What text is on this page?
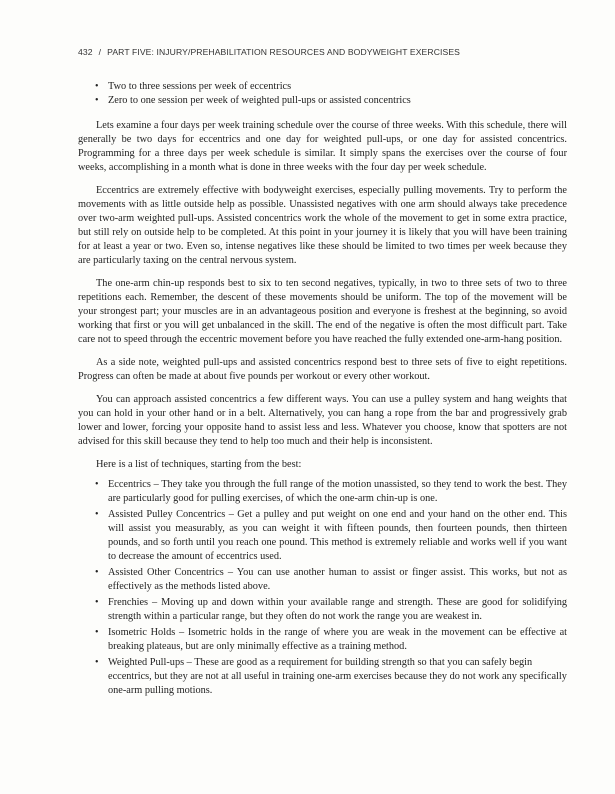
432 / PART FIVE: INJURY/PREHABILITATION RESOURCES AND BODYWEIGHT EXERCISES
• Two to three sessions per week of eccentrics
• Zero to one session per week of weighted pull-ups or assisted concentrics

Lets examine a four days per week training schedule over the course of three weeks. With this schedule, there will generally be two days for eccentrics and one day for weighted pull-ups, or one day for assisted concentrics. Programming for a three days per week schedule is similar. It simply spans the exercises over the course of four weeks, accomplishing in a month what is done in three weeks with the four day per week schedule.

Eccentrics are extremely effective with bodyweight exercises, especially pulling movements. Try to perform the movements with as little outside help as possible. Unassisted negatives with one arm should always take precedence over two-arm weighted pull-ups. Assisted concentrics work the whole of the movement to get in some extra practice, but still rely on outside help to be completed. At this point in your journey it is likely that you will have been training for at least a year or two. Even so, intense negatives like these should be limited to two times per week because they are particularly taxing on the central nervous system.

The one-arm chin-up responds best to six to ten second negatives, typically, in two to three sets of two to three repetitions each. Remember, the descent of these movements should be uniform. The top of the movement will be your strongest part; your muscles are in an advantageous position and everyone is freshest at the beginning, so avoid working that first or you will get unbalanced in the skill. The end of the negative is often the most difficult part. Take care not to speed through the eccentric movement before you have reached the fully extended one-arm-hang position.

As a side note, weighted pull-ups and assisted concentrics respond best to three sets of five to eight repetitions. Progress can often be made at about five pounds per workout or every other workout.

You can approach assisted concentrics a few different ways. You can use a pulley system and hang weights that you can hold in your other hand or in a belt. Alternatively, you can hang a rope from the bar and progressively grab lower and lower, forcing your opposite hand to assist less and less. Whatever you choose, know that spotters are not advised for this skill because they tend to help too much and their help is inconsistent.

Here is a list of techniques, starting from the best:

• Eccentrics – They take you through the full range of the motion unassisted, so they tend to work the best. They are particularly good for pulling exercises, of which the one-arm chin-up is one.
• Assisted Pulley Concentrics – Get a pulley and put weight on one end and your hand on the other end. This will assist you measurably, as you can weight it with fifteen pounds, then fourteen pounds, then thirteen pounds, and so forth until you reach one pound. This method is extremely reliable and works well if you want to decrease the amount of eccentrics used.
• Assisted Other Concentrics – You can use another human to assist or finger assist. This works, but not as effectively as the methods listed above.
• Frenchies – Moving up and down within your available range and strength. These are good for solidifying strength within a particular range, but they often do not work the range you are weakest in.
• Isometric Holds – Isometric holds in the range of where you are weak in the movement can be effective at breaking plateaus, but are only minimally effective as a training method.
• Weighted Pull-ups – These are good as a requirement for building strength so that you can safely begin eccentrics, but they are not at all useful in training one-arm exercises because they do not work any specifically one-arm pulling motions.
